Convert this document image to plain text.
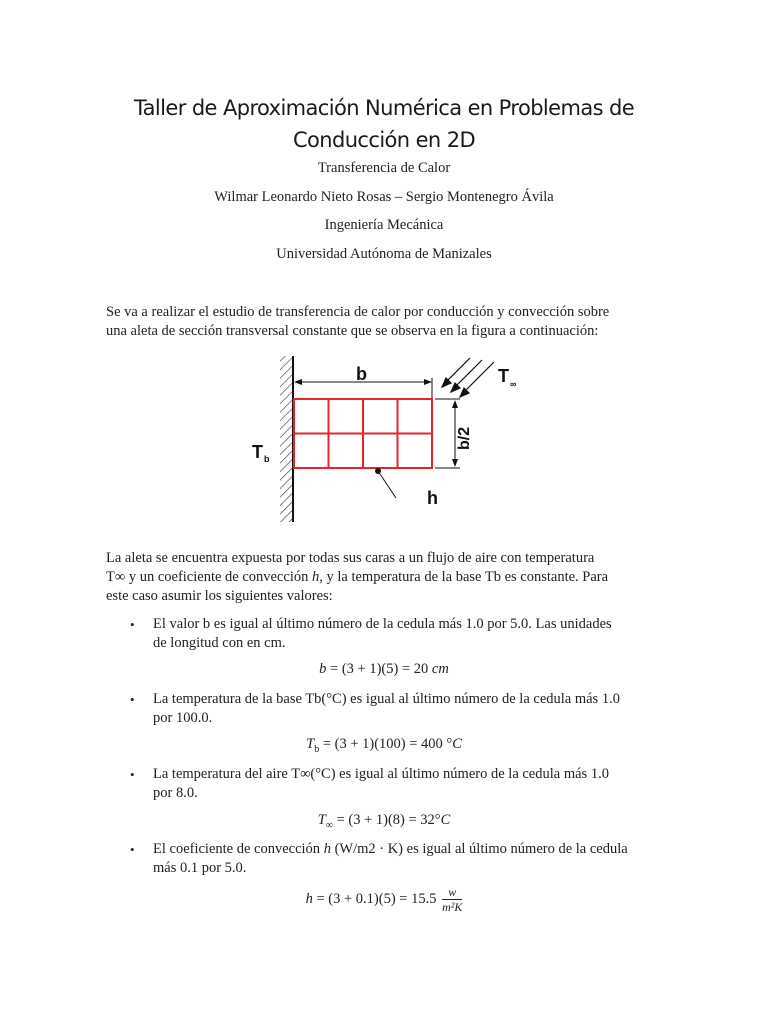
Taller de Aproximación Numérica en Problemas de
Conducción en 2D
Transferencia de Calor
Wilmar Leonardo Nieto Rosas – Sergio Montenegro Ávila
Ingeniería Mecánica
Universidad Autónoma de Manizales
Se va a realizar el estudio de transferencia de calor por conducción y convección sobre
una aleta de sección transversal constante que se observa en la figura a continuación:
b	T ∞
b/2
T b
h
La aleta se encuentra expuesta por todas sus caras a un flujo de aire con temperatura
T∞ y un coeficiente de convección h, y la temperatura de la base Tb es constante. Para
este caso asumir los siguientes valores:
• El valor b es igual al último número de la cedula más 1.0 por 5.0. Las unidades
de longitud con en cm.
b = (3 + 1)(5) = 20 cm
• La temperatura de la base Tb(°C) es igual al último número de la cedula más 1.0
por 100.0.
$T_b = (3 + 1)(100) = 400$ °C
• La temperatura del aire T∞(°C) es igual al último número de la cedula más 1.0
por 8.0.
$T_\infty = (3 + 1)(8) = 32^\circ C$
• El coeficiente de convección h (W/m2 · K) es igual al último número de la cedula
más 0.1 por 5.0.
$h = (3 + 0.1)(5) = 15.5 \frac{w}{\text{m²K}}$
